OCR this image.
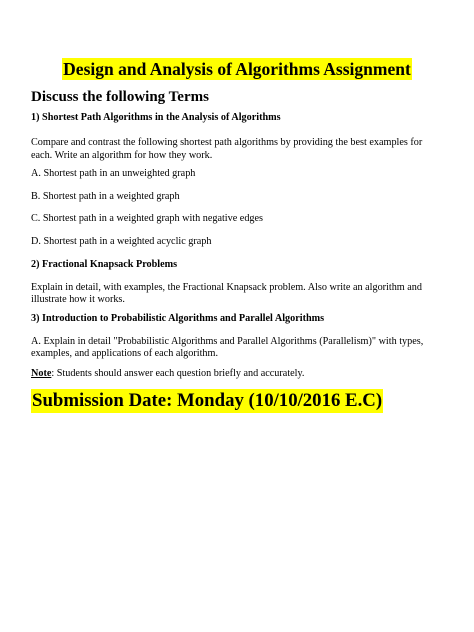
Design and Analysis of Algorithms Assignment
Discuss the following Terms
1) Shortest Path Algorithms in the Analysis of Algorithms
Compare and contrast the following shortest path algorithms by providing the best examples for
each. Write an algorithm for how they work.
A. Shortest path in an unweighted graph
B. Shortest path in a weighted graph
C. Shortest path in a weighted graph with negative edges
D. Shortest path in a weighted acyclic graph
2) Fractional Knapsack Problems
Explain in detail, with examples, the Fractional Knapsack problem. Also write an algorithm and
illustrate how it works.
3) Introduction to Probabilistic Algorithms and Parallel Algorithms
A. Explain in detail "Probabilistic Algorithms and Parallel Algorithms (Parallelism)" with types,
examples, and applications of each algorithm.
Note: Students should answer each question briefly and accurately.
Submission Date: Monday (10/10/2016 E.C)
